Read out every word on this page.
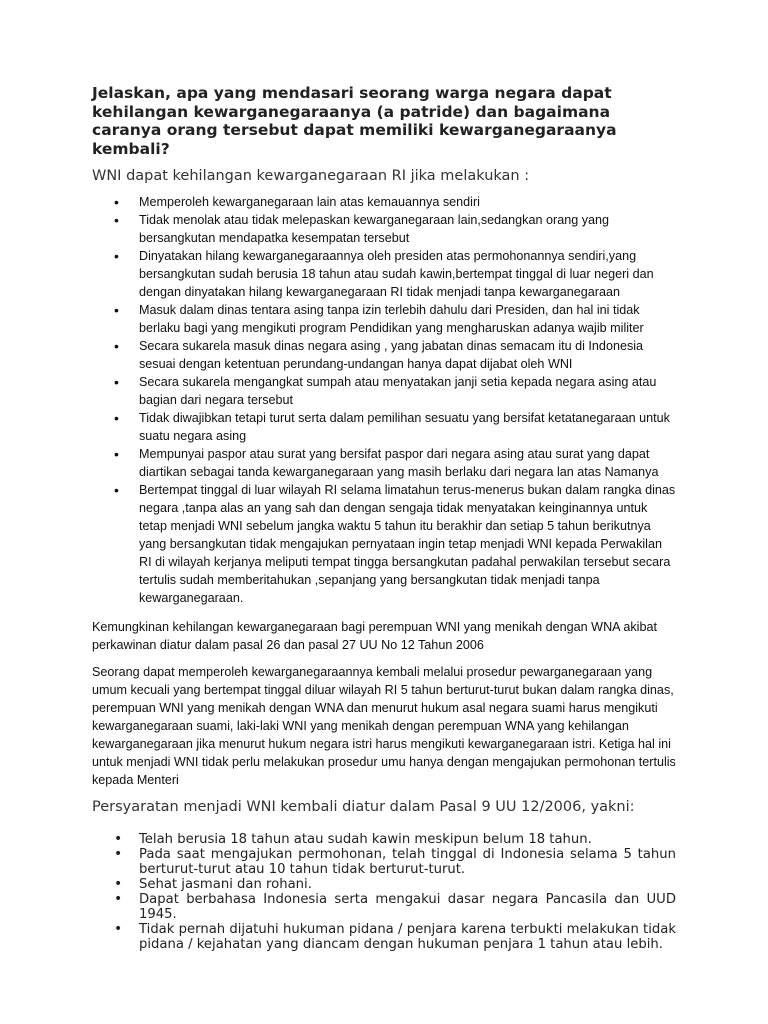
Jelaskan, apa yang mendasari seorang warga negara dapat kehilangan kewarganegaraanya (a patride) dan bagaimana caranya orang tersebut dapat memiliki kewarganegaraanya kembali?

WNI dapat kehilangan kewarganegaraan RI jika melakukan :

• Memperoleh kewarganegaraan lain atas kemauannya sendiri
• Tidak menolak atau tidak melepaskan kewarganegaraan lain,sedangkan orang yang bersangkutan mendapatka kesempatan tersebut
• Dinyatakan hilang kewarganegaraannya oleh presiden atas permohonannya sendiri,yang bersangkutan sudah berusia 18 tahun atau sudah kawin,bertempat tinggal di luar negeri dan dengan dinyatakan hilang kewarganegaraan RI tidak menjadi tanpa kewarganegaraan
• Masuk dalam dinas tentara asing tanpa izin terlebih dahulu dari Presiden, dan hal ini tidak berlaku bagi yang mengikuti program Pendidikan yang mengharuskan adanya wajib militer
• Secara sukarela masuk dinas negara asing , yang jabatan dinas semacam itu di Indonesia sesuai dengan ketentuan perundang-undangan hanya dapat dijabat oleh WNI
• Secara sukarela mengangkat sumpah atau menyatakan janji setia kepada negara asing atau bagian dari negara tersebut
• Tidak diwajibkan tetapi turut serta dalam pemilihan sesuatu yang bersifat ketatanegaraan untuk suatu negara asing
• Mempunyai paspor atau surat yang bersifat paspor dari negara asing atau surat yang dapat diartikan sebagai tanda kewarganegaraan yang masih berlaku dari negara lan atas Namanya
• Bertempat tinggal di luar wilayah RI selama limatahun terus-menerus bukan dalam rangka dinas negara ,tanpa alas an yang sah dan dengan sengaja tidak menyatakan keinginannya untuk tetap menjadi WNI sebelum jangka waktu 5 tahun itu berakhir dan setiap 5 tahun berikutnya yang bersangkutan tidak mengajukan pernyataan ingin tetap menjadi WNI kepada Perwakilan RI di wilayah kerjanya meliputi tempat tingga bersangkutan padahal perwakilan tersebut secara tertulis sudah memberitahukan ,sepanjang yang bersangkutan tidak menjadi tanpa kewarganegaraan.

Kemungkinan kehilangan kewarganegaraan bagi perempuan WNI yang menikah dengan WNA akibat perkawinan diatur dalam pasal 26 dan pasal 27 UU No 12 Tahun 2006

Seorang dapat memperoleh kewarganegaraannya kembali melalui prosedur pewarganegaraan yang umum kecuali yang bertempat tinggal diluar wilayah RI 5 tahun berturut-turut bukan dalam rangka dinas, perempuan WNI yang menikah dengan WNA dan menurut hukum asal negara suami harus mengikuti kewarganegaraan suami, laki-laki WNI yang menikah dengan perempuan WNA yang kehilangan kewarganegaraan jika menurut hukum negara istri harus mengikuti kewarganegaraan istri. Ketiga hal ini untuk menjadi WNI tidak perlu melakukan prosedur umu hanya dengan mengajukan permohonan tertulis kepada Menteri

Persyaratan menjadi WNI kembali diatur dalam Pasal 9 UU 12/2006, yakni:

• Telah berusia 18 tahun atau sudah kawin meskipun belum 18 tahun.
• Pada saat mengajukan permohonan, telah tinggal di Indonesia selama 5 tahun berturut-turut atau 10 tahun tidak berturut-turut.
• Sehat jasmani dan rohani.
• Dapat berbahasa Indonesia serta mengakui dasar negara Pancasila dan UUD 1945.
• Tidak pernah dijatuhi hukuman pidana / penjara karena terbukti melakukan tidak pidana / kejahatan yang diancam dengan hukuman penjara 1 tahun atau lebih.
